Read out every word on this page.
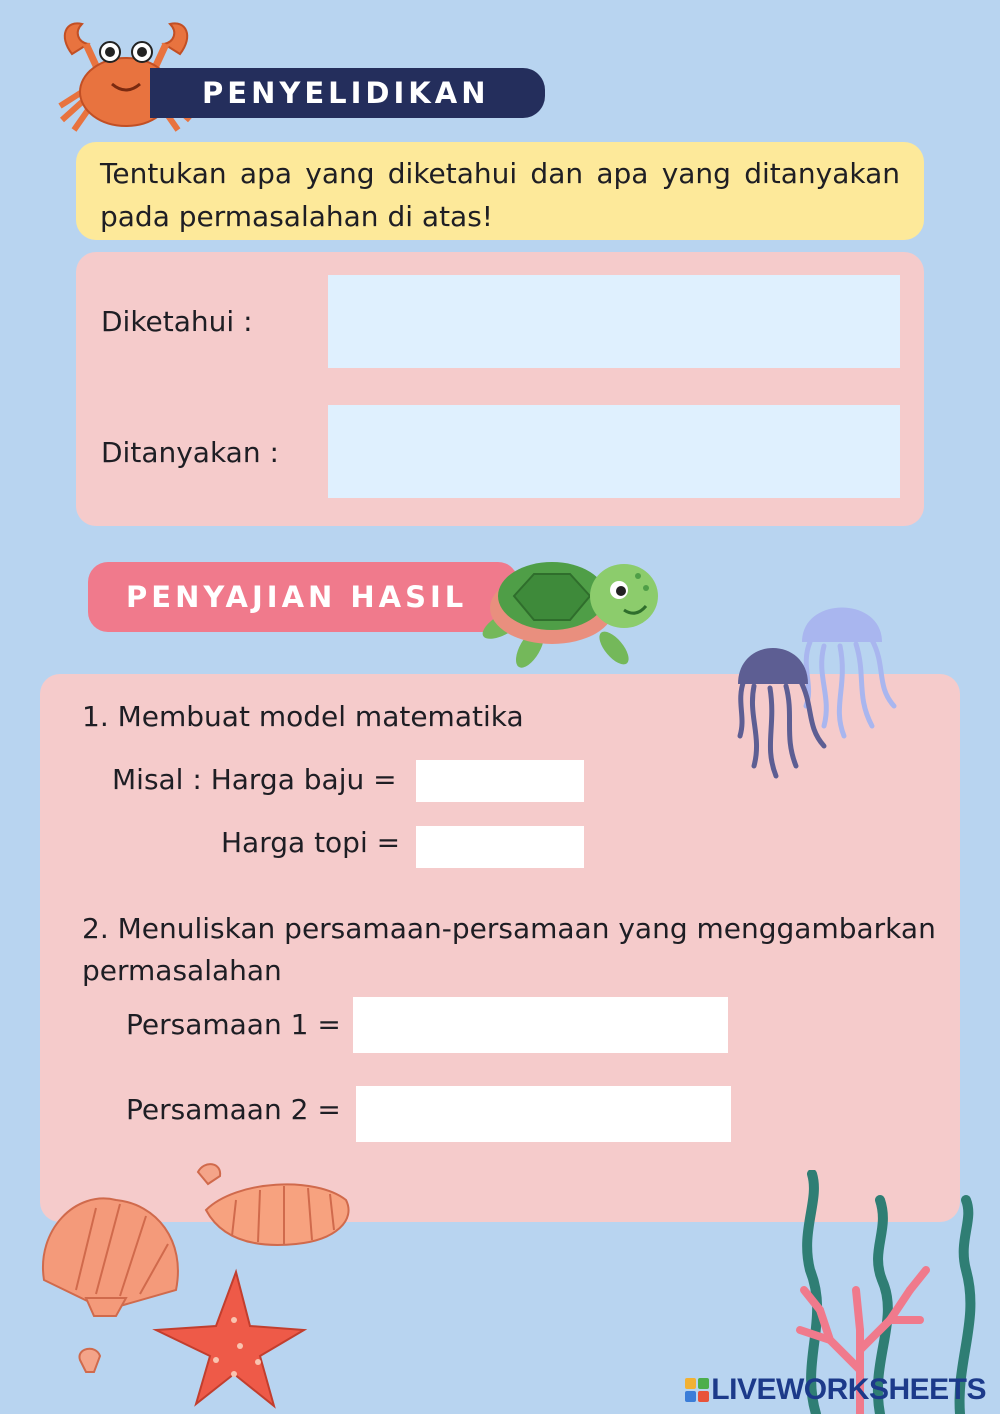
PENYELIDIKAN
Tentukan apa yang diketahui dan apa yang ditanyakan pada permasalahan di atas!
Diketahui :
Ditanyakan :
PENYAJIAN HASIL
1. Membuat model matematika
Misal : Harga baju =
Harga topi =
2. Menuliskan persamaan-persamaan yang menggambarkan
permasalahan
Persamaan 1 =
Persamaan 2 =
LIVEWORKSHEETS
